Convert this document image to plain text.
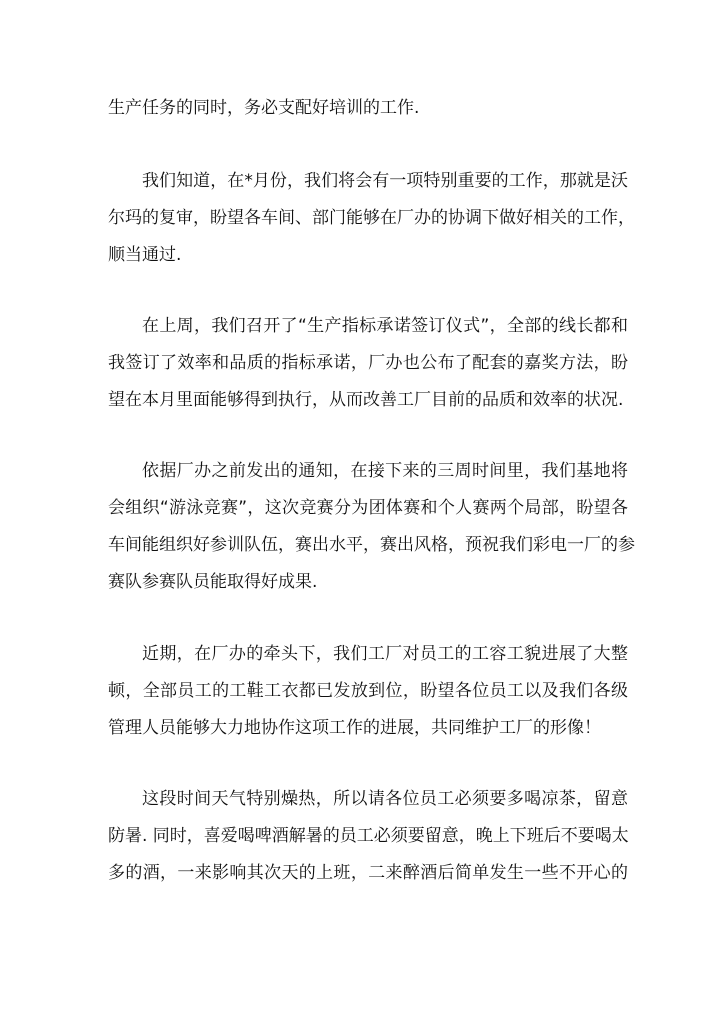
生产任务的同时，务必支配好培训的工作.
我们知道，在*月份，我们将会有一项特别重要的工作，那就是沃
尔玛的复审，盼望各车间、部门能够在厂办的协调下做好相关的工作，
顺当通过.
在上周，我们召开了“生产指标承诺签订仪式”，全部的线长都和
我签订了效率和品质的指标承诺，厂办也公布了配套的嘉奖方法，盼
望在本月里面能够得到执行，从而改善工厂目前的品质和效率的状况.
依据厂办之前发出的通知，在接下来的三周时间里，我们基地将
会组织“游泳竞赛”，这次竞赛分为团体赛和个人赛两个局部，盼望各
车间能组织好参训队伍，赛出水平，赛出风格，预祝我们彩电一厂的参
赛队参赛队员能取得好成果.
近期，在厂办的牵头下，我们工厂对员工的工容工貌进展了大整
顿，全部员工的工鞋工衣都已发放到位，盼望各位员工以及我们各级
管理人员能够大力地协作这项工作的进展，共同维护工厂的形像！
这段时间天气特别燥热，所以请各位员工必须要多喝凉茶，留意
防暑. 同时，喜爱喝啤酒解暑的员工必须要留意，晚上下班后不要喝太
多的酒，一来影响其次天的上班，二来醉酒后简单发生一些不开心的
